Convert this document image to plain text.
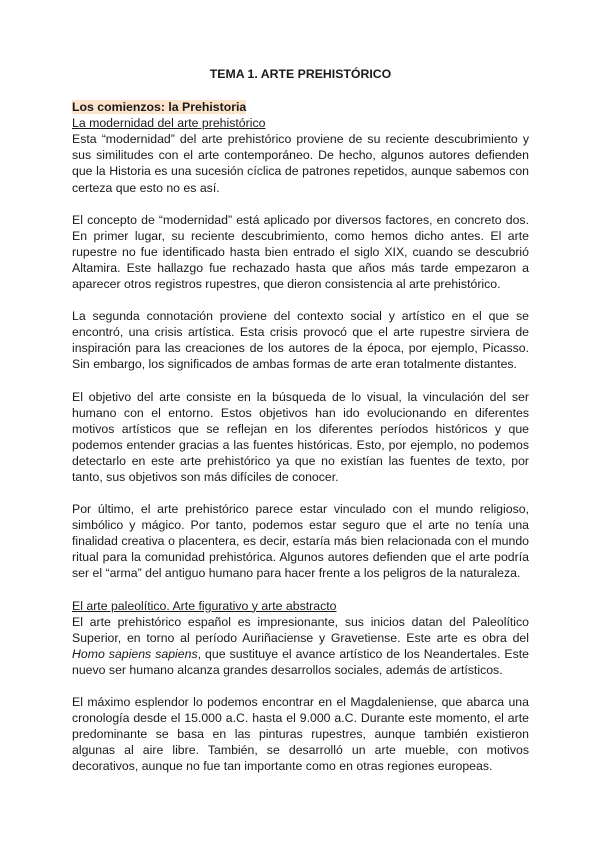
TEMA 1. ARTE PREHISTÓRICO
Los comienzos: la Prehistoria
La modernidad del arte prehistórico

Esta “modernidad” del arte prehistórico proviene de su reciente descubrimiento y sus similitudes con el arte contemporáneo. De hecho, algunos autores defienden que la Historia es una sucesión cíclica de patrones repetidos, aunque sabemos con certeza que esto no es así.

El concepto de “modernidad” está aplicado por diversos factores, en concreto dos. En primer lugar, su reciente descubrimiento, como hemos dicho antes. El arte rupestre no fue identificado hasta bien entrado el siglo XIX, cuando se descubrió Altamira. Este hallazgo fue rechazado hasta que años más tarde empezaron a aparecer otros registros rupestres, que dieron consistencia al arte prehistórico.

La segunda connotación proviene del contexto social y artístico en el que se encontró, una crisis artística. Esta crisis provocó que el arte rupestre sirviera de inspiración para las creaciones de los autores de la época, por ejemplo, Picasso. Sin embargo, los significados de ambas formas de arte eran totalmente distantes.

El objetivo del arte consiste en la búsqueda de lo visual, la vinculación del ser humano con el entorno. Estos objetivos han ido evolucionando en diferentes motivos artísticos que se reflejan en los diferentes períodos históricos y que podemos entender gracias a las fuentes históricas. Esto, por ejemplo, no podemos detectarlo en este arte prehistórico ya que no existían las fuentes de texto, por tanto, sus objetivos son más difíciles de conocer.

Por último, el arte prehistórico parece estar vinculado con el mundo religioso, simbólico y mágico. Por tanto, podemos estar seguro que el arte no tenía una finalidad creativa o placentera, es decir, estaría más bien relacionada con el mundo ritual para la comunidad prehistórica. Algunos autores defienden que el arte podría ser el “arma” del antiguo humano para hacer frente a los peligros de la naturaleza.

El arte paleolítico. Arte figurativo y arte abstracto

El arte prehistórico español es impresionante, sus inicios datan del Paleolítico Superior, en torno al período Auriñaciense y Gravetiense. Este arte es obra del Homo sapiens sapiens, que sustituye el avance artístico de los Neandertales. Este nuevo ser humano alcanza grandes desarrollos sociales, además de artísticos.

El máximo esplendor lo podemos encontrar en el Magdaleniense, que abarca una cronología desde el 15.000 a.C. hasta el 9.000 a.C. Durante este momento, el arte predominante se basa en las pinturas rupestres, aunque también existieron algunas al aire libre. También, se desarrolló un arte mueble, con motivos decorativos, aunque no fue tan importante como en otras regiones europeas.
